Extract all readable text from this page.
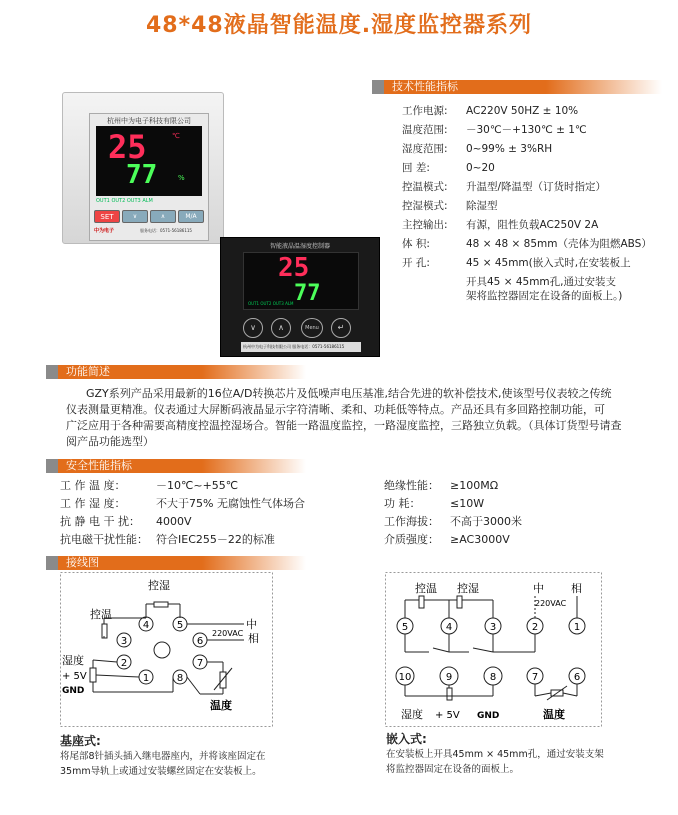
48*48液晶智能温度.湿度监控器系列
杭州中为电子科技有限公司
25	℃
77	%
OUT1 OUT2 OUT3 ALM
SET	∨	∧	M/A
中为电子	服务电话：0571-56186115
智能液晶温湿度控制器
25
77
OUT1 OUT2 OUT3 ALM
∨	∧	Menu	↵
杭州中为电子科技有限公司 服务电话：0571-56186115
技术性能指标
工作电源: AC220V 50HZ ± 10%
温度范围: －30℃－+130℃ ± 1℃
湿度范围: 0~99% ± 3%RH
回 差:	0~20
控温模式: 升温型/降温型（订货时指定）
控湿模式: 除湿型
主控输出: 有源，阻性负载AC250V 2A
体 积:	48 × 48 × 85mm（壳体为阻燃ABS）
开 孔:	45 × 45mm(嵌入式时,在安装板上
开具45 × 45mm孔,通过安装支
架将监控器固定在设备的面板上。)
功能简述
GZY系列产品采用最新的16位A/D转换芯片及低噪声电压基准,结合先进的软补偿技术,使该型号仪表较之传统
仪表测量更精准。仪表通过大屏断码液晶显示字符清晰、柔和、功耗低等特点。产品还具有多回路控制功能，可
广泛应用于各种需要高精度控温控湿场合。智能一路温度监控，一路湿度监控，三路独立负载。（具体订货型号请查
阅产品功能选型）
安全性能指标
工 作 温 度：	－10℃~+55℃
工 作 湿 度：	不大于75% 无腐蚀性气体场合
抗 静 电 干 扰： 4000V
抗电磁干扰性能： 符合IEC255－22的标准
绝缘性能： ≥100MΩ
功 耗：	≤10W
工作海拔： 不高于3000米
介质强度： ≥AC3000V
接线图
控湿
控温
中
相
220VAC
4	5
3	6
2	7
1	8
湿度
+ 5V
GND
温度
控温 控湿	中 相
220VAC
5	4	3	2	1
10	9	8	7	6
湿度 + 5V GND	温度
基座式:
将尾部8针插头插入继电器座内，并将该座固定在
35mm导轨上或通过安装螺丝固定在安装板上。
嵌入式:
在安装板上开具45mm × 45mm孔，通过安装支架
将监控器固定在设备的面板上。
